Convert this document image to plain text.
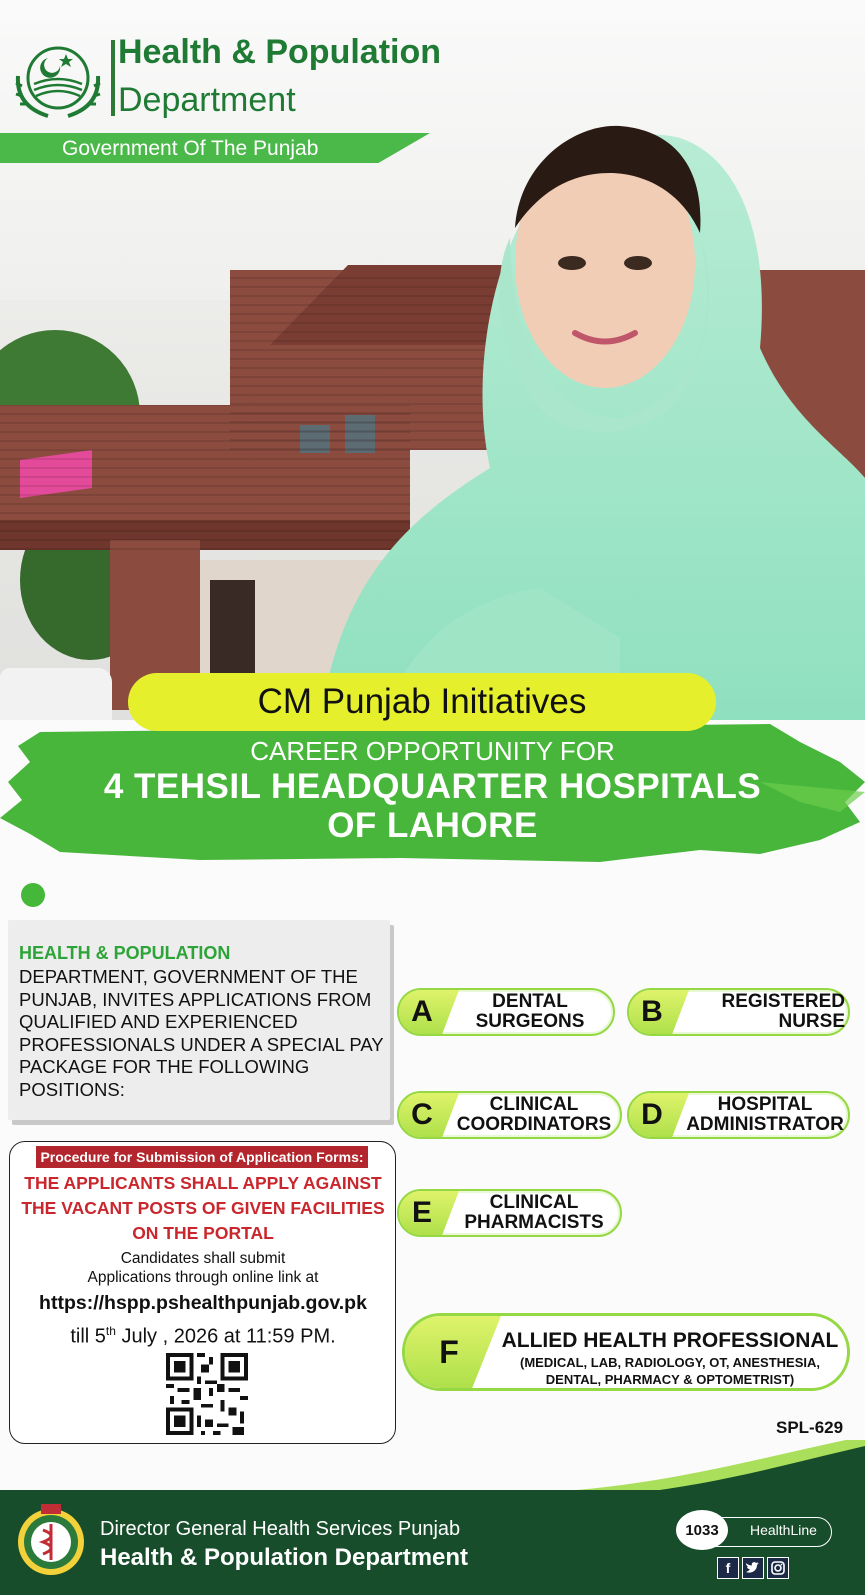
Health & Population
Department
Government Of The Punjab
CM Punjab Initiatives
CAREER OPPORTUNITY FOR
4 TEHSIL HEADQUARTER HOSPITALS
OF LAHORE
HEALTH & POPULATION
DEPARTMENT, GOVERNMENT OF THE PUNJAB, INVITES APPLICATIONS FROM QUALIFIED AND EXPERIENCED PROFESSIONALS UNDER A SPECIAL PAY PACKAGE FOR THE FOLLOWING POSITIONS:
Procedure for Submission of Application Forms:
THE APPLICANTS SHALL APPLY AGAINST THE VACANT POSTS OF GIVEN FACILITIES ON THE PORTAL
Candidates shall submit
Applications through online link at
https://hspp.pshealthpunjab.gov.pk
till 5th July , 2026 at 11:59 PM.
A	DENTAL
SURGEONS	B	REGISTERED
NURSE
C	CLINICAL
COORDINATORS D	HOSPITAL
ADMINISTRATOR
E	CLINICAL
PHARMACISTS
F	ALLIED HEALTH PROFESSIONAL
(MEDICAL, LAB, RADIOLOGY, OT, ANESTHESIA,
DENTAL, PHARMACY & OPTOMETRIST)
SPL-629
Director General Health Services Punjab
Health & Population Department
1033	HealthLine
f
